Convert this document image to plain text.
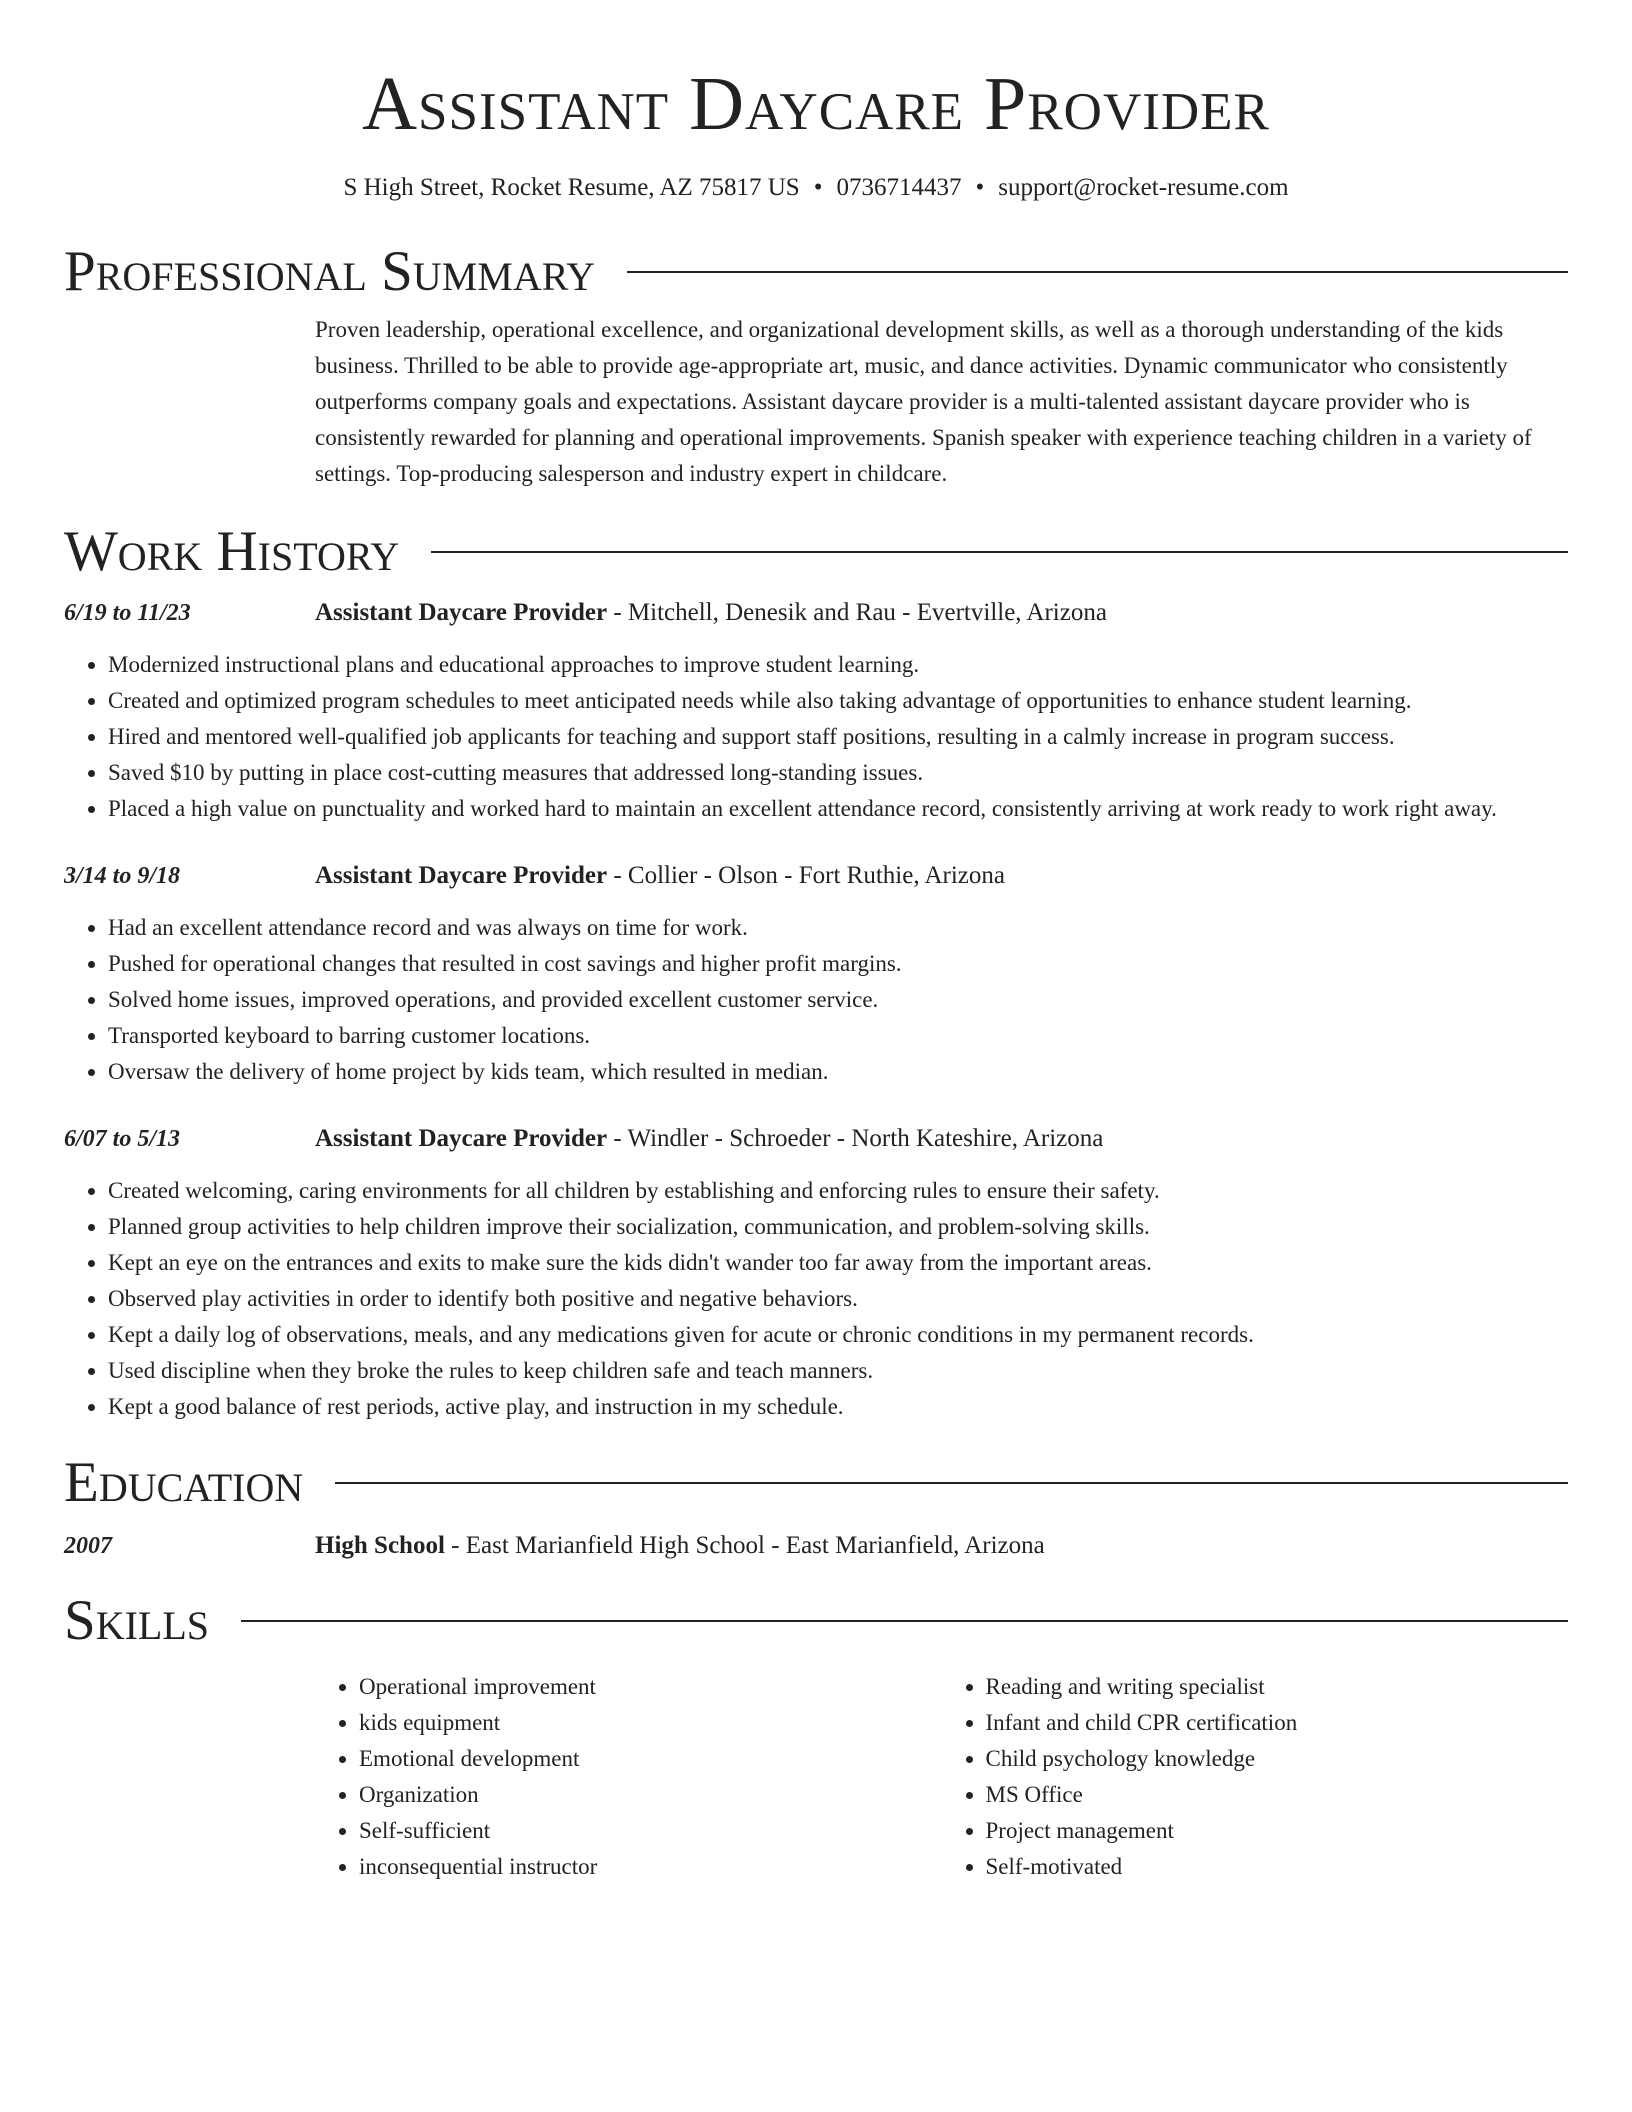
Assistant Daycare Provider
S High Street, Rocket Resume, AZ 75817 US • 0736714437 • support@rocket-resume.com
Professional Summary
Proven leadership, operational excellence, and organizational development skills, as well as a thorough understanding of the kids business. Thrilled to be able to provide age-appropriate art, music, and dance activities. Dynamic communicator who consistently outperforms company goals and expectations. Assistant daycare provider is a multi-talented assistant daycare provider who is consistently rewarded for planning and operational improvements. Spanish speaker with experience teaching children in a variety of settings. Top-producing salesperson and industry expert in childcare.
Work History
6/19 to 11/23	Assistant Daycare Provider - Mitchell, Denesik and Rau - Evertville, Arizona
• Modernized instructional plans and educational approaches to improve student learning.
• Created and optimized program schedules to meet anticipated needs while also taking advantage of opportunities to enhance student learning.
• Hired and mentored well-qualified job applicants for teaching and support staff positions, resulting in a calmly increase in program success.
• Saved $10 by putting in place cost-cutting measures that addressed long-standing issues.
• Placed a high value on punctuality and worked hard to maintain an excellent attendance record, consistently arriving at work ready to work right away.
3/14 to 9/18	Assistant Daycare Provider - Collier - Olson - Fort Ruthie, Arizona
• Had an excellent attendance record and was always on time for work.
• Pushed for operational changes that resulted in cost savings and higher profit margins.
• Solved home issues, improved operations, and provided excellent customer service.
• Transported keyboard to barring customer locations.
• Oversaw the delivery of home project by kids team, which resulted in median.
6/07 to 5/13	Assistant Daycare Provider - Windler - Schroeder - North Kateshire, Arizona
• Created welcoming, caring environments for all children by establishing and enforcing rules to ensure their safety.
• Planned group activities to help children improve their socialization, communication, and problem-solving skills.
• Kept an eye on the entrances and exits to make sure the kids didn't wander too far away from the important areas.
• Observed play activities in order to identify both positive and negative behaviors.
• Kept a daily log of observations, meals, and any medications given for acute or chronic conditions in my permanent records.
• Used discipline when they broke the rules to keep children safe and teach manners.
• Kept a good balance of rest periods, active play, and instruction in my schedule.
Education
2007	High School - East Marianfield High School - East Marianfield, Arizona
Skills
• Operational improvement
• kids equipment
• Emotional development
• Organization
• Self-sufficient
• inconsequential instructor
• Reading and writing specialist
• Infant and child CPR certification
• Child psychology knowledge
• MS Office
• Project management
• Self-motivated
